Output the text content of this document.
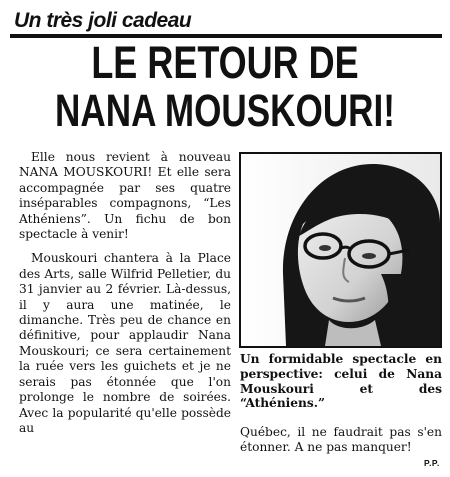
Un très joli cadeau
LE RETOUR DE
NANA MOUSKOURI!

Elle nous revient à nouveau NANA MOUSKOURI! Et elle sera accompagnée par ses quatre inséparables compagnons, “Les Athéniens”. Un fichu de bon spectacle à venir!

Mouskouri chantera à la Place des Arts, salle Wilfrid Pelletier, du 31 janvier au 2 février. Là-dessus, il y aura une matinée, le dimanche. Très peu de chance en définitive, pour applaudir Nana Mouskouri; ce sera certainement la ruée vers les guichets et je ne serais pas étonnée que l'on prolonge le nombre de soirées. Avec la popularité qu'elle possède au

Un formidable spectacle en perspective: celui de Nana Mouskouri et des “Athéniens.”
Québec, il ne faudrait pas s'en étonner. A ne pas manquer!
P.P.
